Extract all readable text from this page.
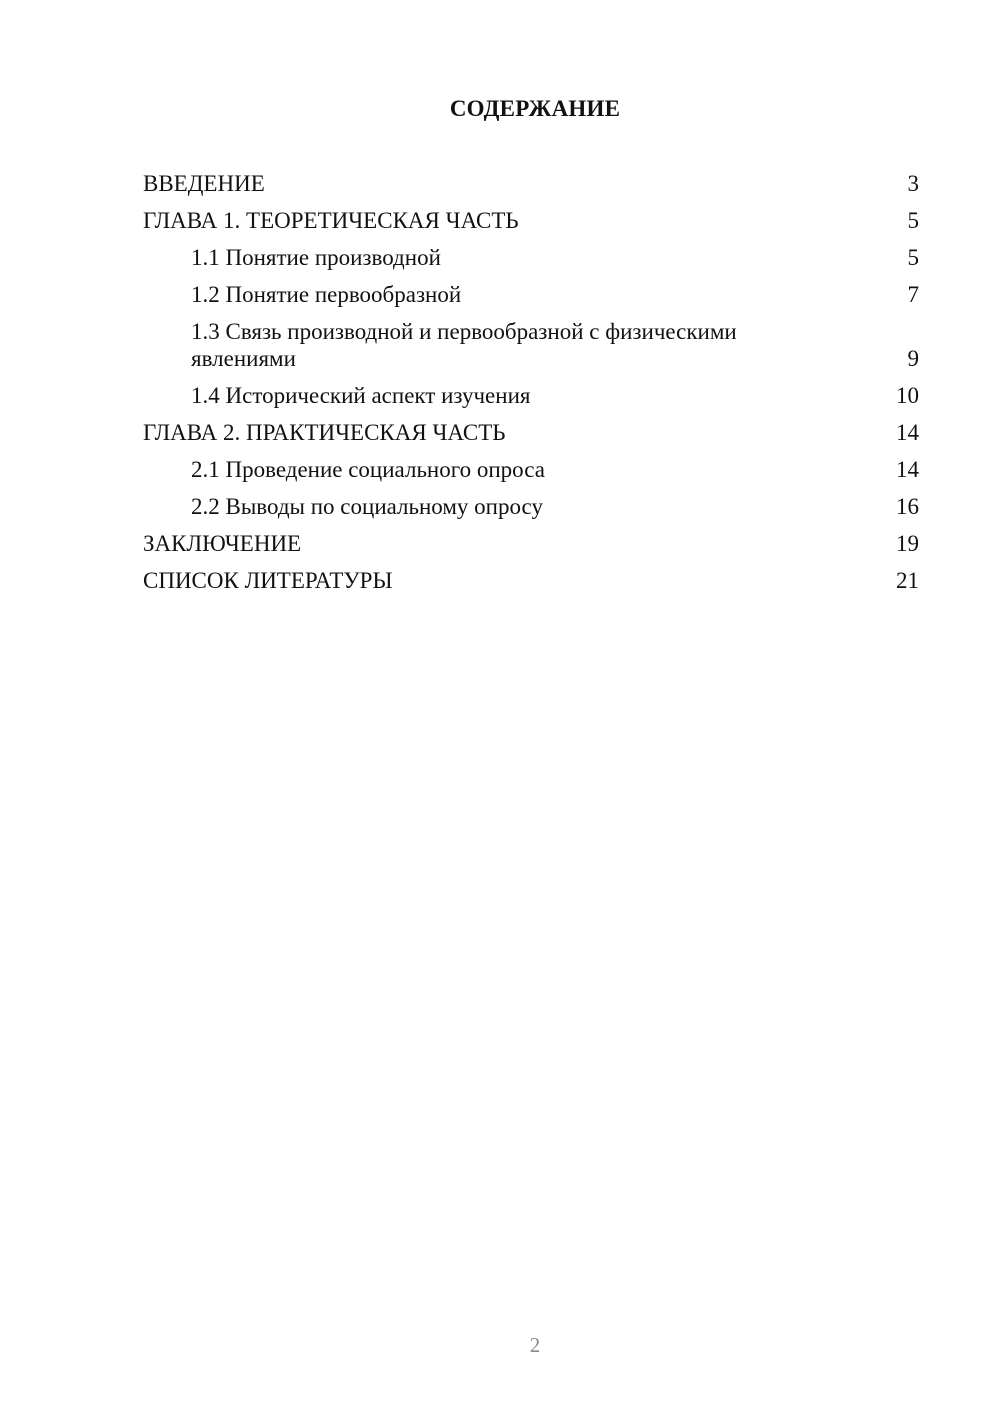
СОДЕРЖАНИЕ
ВВЕДЕНИЕ	3
ГЛАВА 1. ТЕОРЕТИЧЕСКАЯ ЧАСТЬ	5
1.1 Понятие производной	5
1.2 Понятие первообразной	7
1.3 Связь производной и первообразной с физическими явлениями	9
1.4 Исторический аспект изучения	10
ГЛАВА 2. ПРАКТИЧЕСКАЯ ЧАСТЬ	14
2.1 Проведение социального опроса	14
2.2 Выводы по социальному опросу	16
ЗАКЛЮЧЕНИЕ	19
СПИСОК ЛИТЕРАТУРЫ	21
2
